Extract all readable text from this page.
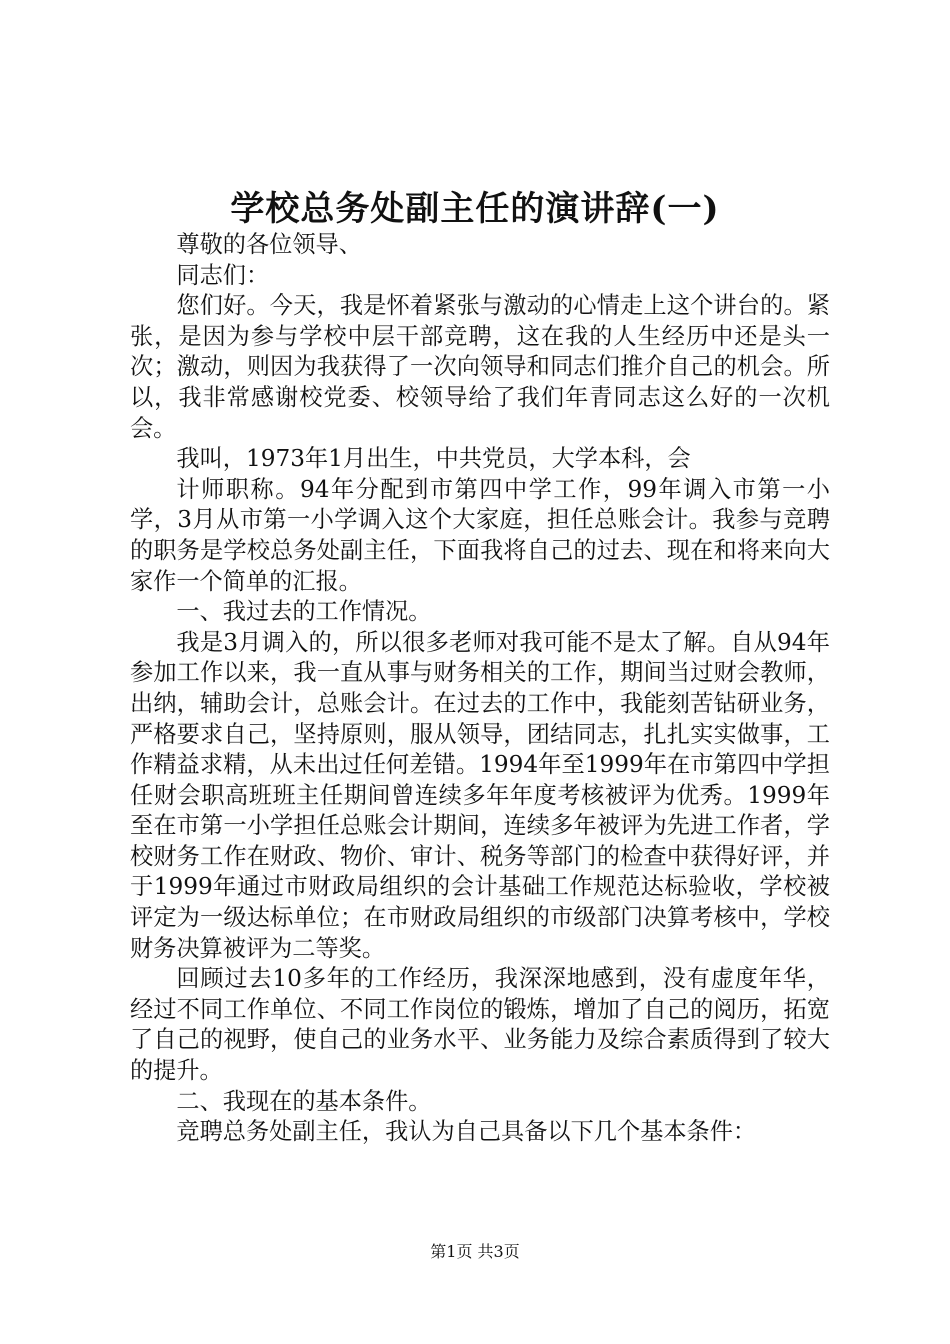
学校总务处副主任的演讲辞(一)

尊敬的各位领导、

同志们：

您们好。今天，我是怀着紧张与激动的心情走上这个讲台的。紧张，是因为参与学校中层干部竞聘，这在我的人生经历中还是头一次；激动，则因为我获得了一次向领导和同志们推介自己的机会。所以，我非常感谢校党委、校领导给了我们年青同志这么好的一次机会。

我叫，1973年1月出生，中共党员，大学本科，会

计师职称。94年分配到市第四中学工作，99年调入市第一小学，3月从市第一小学调入这个大家庭，担任总账会计。我参与竞聘的职务是学校总务处副主任，下面我将自己的过去、现在和将来向大家作一个简单的汇报。

一、我过去的工作情况。

我是3月调入的，所以很多老师对我可能不是太了解。自从94年参加工作以来，我一直从事与财务相关的工作，期间当过财会教师，出纳，辅助会计，总账会计。在过去的工作中，我能刻苦钻研业务，严格要求自己，坚持原则，服从领导，团结同志，扎扎实实做事，工作精益求精，从未出过任何差错。1994年至1999年在市第四中学担任财会职高班班主任期间曾连续多年年度考核被评为优秀。1999年至在市第一小学担任总账会计期间，连续多年被评为先进工作者，学校财务工作在财政、物价、审计、税务等部门的检查中获得好评，并于1999年通过市财政局组织的会计基础工作规范达标验收，学校被评定为一级达标单位；在市财政局组织的市级部门决算考核中，学校财务决算被评为二等奖。

回顾过去10多年的工作经历，我深深地感到，没有虚度年华，经过不同工作单位、不同工作岗位的锻炼，增加了自己的阅历，拓宽了自己的视野，使自己的业务水平、业务能力及综合素质得到了较大的提升。

二、我现在的基本条件。

竞聘总务处副主任，我认为自己具备以下几个基本条件：

第1页 共3页
